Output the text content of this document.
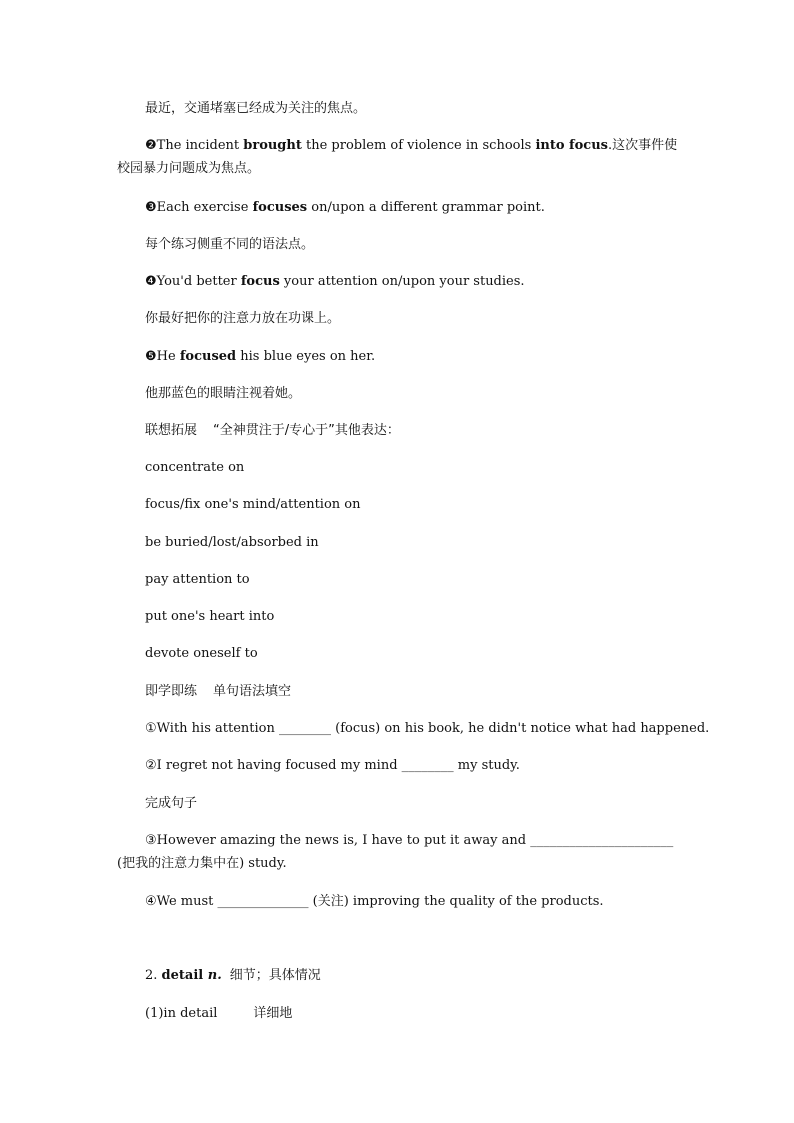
最近，交通堵塞已经成为关注的焦点。
❷The incident brought the problem of violence in schools into focus.这次事件使校园暴力问题成为焦点。
❸Each exercise focuses on/upon a different grammar point.
每个练习侧重不同的语法点。
❹You'd better focus your attention on/upon your studies.
你最好把你的注意力放在功课上。
❺He focused his blue eyes on her.
他那蓝色的眼睛注视着她。
联想拓展 “全神贯注于/专心于”其他表达：
concentrate on
focus/fix one's mind/attention on
be buried/lost/absorbed in
pay attention to
put one's heart into
devote oneself to
即学即练 单句语法填空
①With his attention ________ (focus) on his book, he didn't notice what had happened.
②I regret not having focused my mind ________ my study.
完成句子
③However amazing the news is, I have to put it away and ______________________ (把我的注意力集中在) study.
④We must ______________ (关注) improving the quality of the products.
2. detail n. 细节；具体情况
(1)in detail	详细地
